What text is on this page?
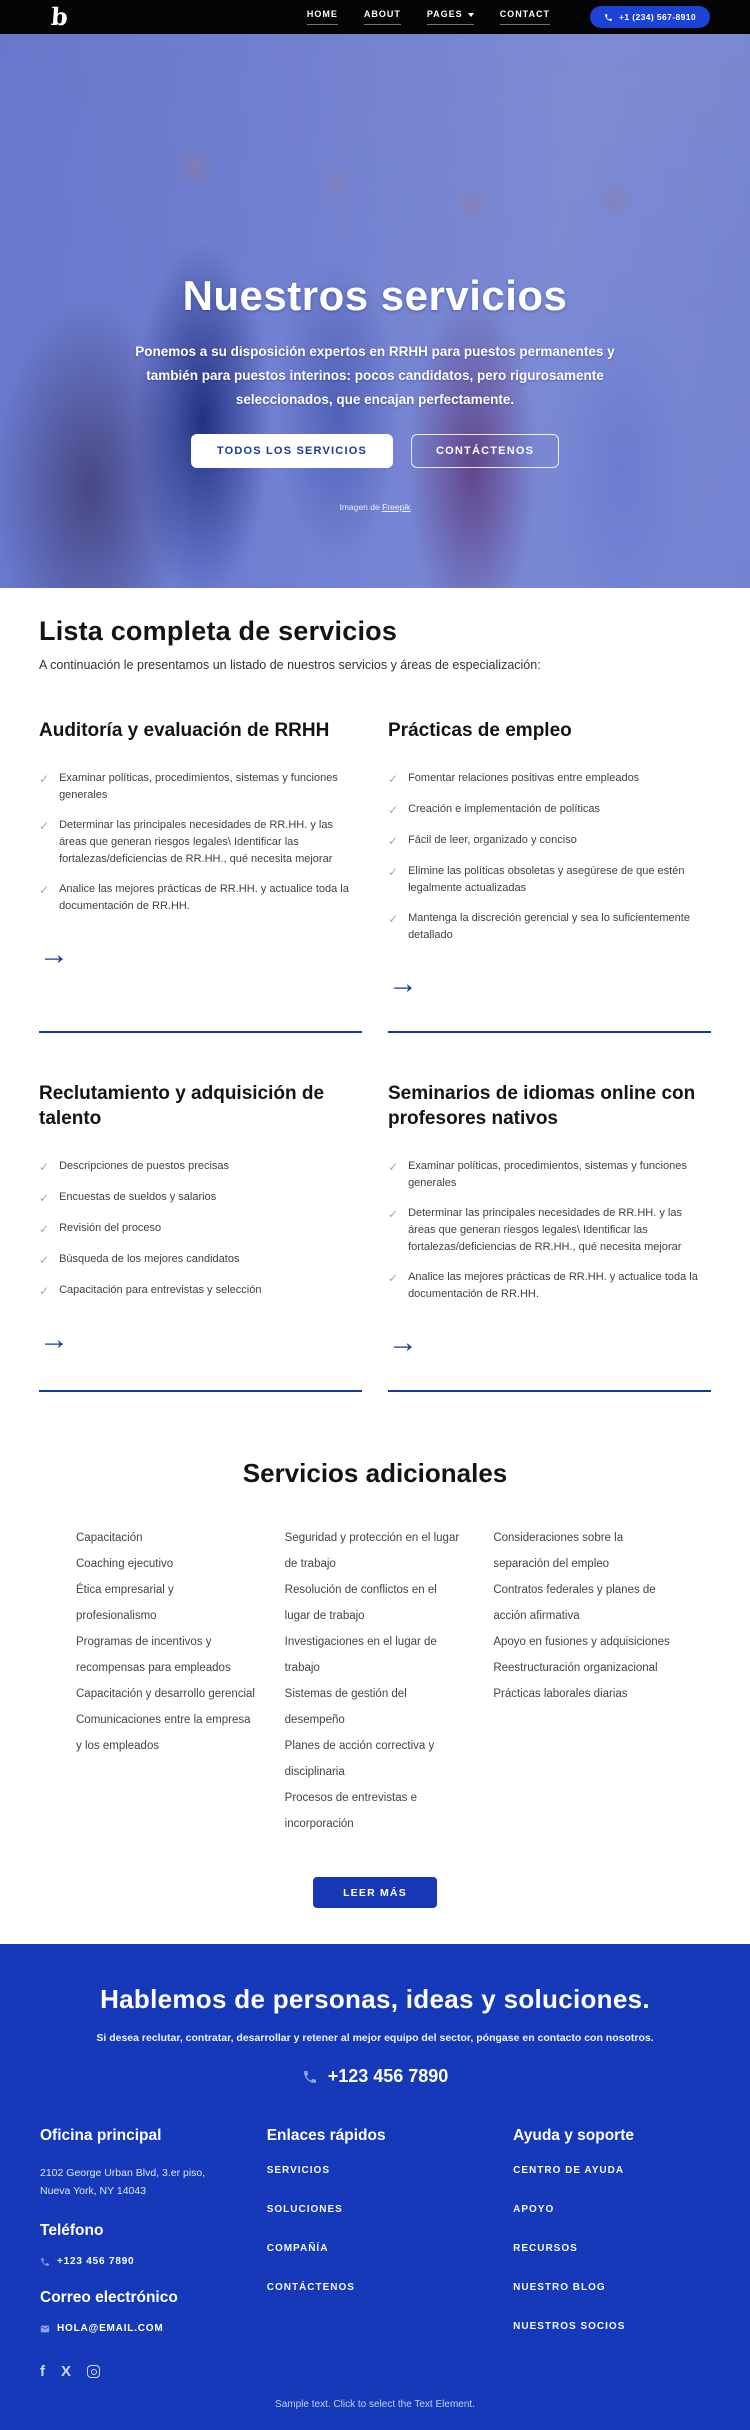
b	HOME	ABOUT	PAGES	CONTACT	+1 (234) 567-8910
Nuestros servicios

Ponemos a su disposición expertos en RRHH para puestos permanentes y también para puestos interinos: pocos candidatos, pero rigurosamente seleccionados, que encajan perfectamente.

TODOS LOS SERVICIOS	CONTÁCTENOS
Imagen de Freepik
Lista completa de servicios

A continuación le presentamos un listado de nuestros servicios y áreas de especialización:

Auditoría y evaluación de RRHH
✓ Examinar políticas, procedimientos, sistemas y funciones generales
✓ Determinar las principales necesidades de RR.HH. y las áreas que generan riesgos legales\ Identificar las fortalezas/deficiencias de RR.HH., qué necesita mejorar
✓ Analice las mejores prácticas de RR.HH. y actualice toda la documentación de RR.HH.
→
Prácticas de empleo
✓ Fomentar relaciones positivas entre empleados
✓ Creación e implementación de políticas
✓ Fácil de leer, organizado y conciso
✓ Elimine las políticas obsoletas y asegúrese de que estén legalmente actualizadas
✓ Mantenga la discreción gerencial y sea lo suficientemente detallado
→
Reclutamiento y adquisición de talento
✓ Descripciones de puestos precisas
✓ Encuestas de sueldos y salarios
✓ Revisión del proceso
✓ Búsqueda de los mejores candidatos
✓ Capacitación para entrevistas y selección
→
Seminarios de idiomas online con profesores nativos
✓ Examinar políticas, procedimientos, sistemas y funciones generales
✓ Determinar las principales necesidades de RR.HH. y las áreas que generan riesgos legales\ Identificar las fortalezas/deficiencias de RR.HH., qué necesita mejorar
✓ Analice las mejores prácticas de RR.HH. y actualice toda la documentación de RR.HH.
→
Servicios adicionales
Capacitación
Coaching ejecutivo
Ética empresarial y profesionalismo
Programas de incentivos y recompensas para empleados
Capacitación y desarrollo gerencial
Comunicaciones entre la empresa y los empleados
Seguridad y protección en el lugar de trabajo
Resolución de conflictos en el lugar de trabajo
Investigaciones en el lugar de trabajo
Sistemas de gestión del desempeño
Planes de acción correctiva y disciplinaria
Procesos de entrevistas e incorporación
Consideraciones sobre la separación del empleo
Contratos federales y planes de acción afirmativa
Apoyo en fusiones y adquisiciones
Reestructuración organizacional
Prácticas laborales diarias
LEER MÁS
Hablemos de personas, ideas y soluciones.
Si desea reclutar, contratar, desarrollar y retener al mejor equipo del sector, póngase en contacto con nosotros.
+123 456 7890
Oficina principal
2102 George Urban Blvd, 3.er piso,
Nueva York, NY 14043
Teléfono
+123 456 7890
Correo electrónico
HOLA@EMAIL.COM
f X
Enlaces rápidos
SERVICIOS
SOLUCIONES
COMPAÑÍA
CONTÁCTENOS
Ayuda y soporte
CENTRO DE AYUDA
APOYO
RECURSOS
NUESTRO BLOG
NUESTROS SOCIOS
Sample text. Click to select the Text Element.
